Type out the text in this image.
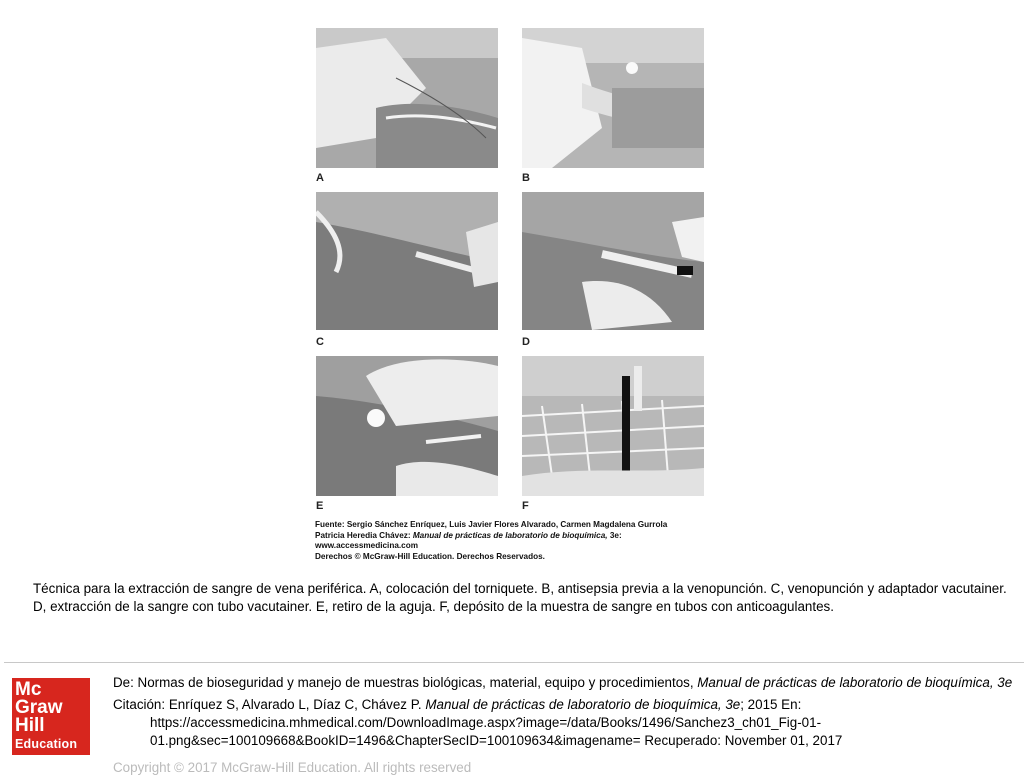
A	B
C	D
E	F
Fuente: Sergio Sánchez Enríquez, Luis Javier Flores Alvarado, Carmen Magdalena Gurrola
Patricia Heredia Chávez: Manual de prácticas de laboratorio de bioquímica, 3e:
www.accessmedicina.com
Derechos © McGraw-Hill Education. Derechos Reservados.
Técnica para la extracción de sangre de vena periférica. A, colocación del torniquete. B, antisepsia previa a la venopunción. C, venopunción y adaptador vacutainer. D, extracción de la sangre con tubo vacutainer. E, retiro de la aguja. F, depósito de la muestra de sangre en tubos con anticoagulantes.
Mc
Graw
Hill
Education

De: Normas de bioseguridad y manejo de muestras biológicas, material, equipo y procedimientos, Manual de prácticas de laboratorio de bioquímica, 3e

Citación: Enríquez S, Alvarado L, Díaz C, Chávez P. Manual de prácticas de laboratorio de bioquímica, 3e; 2015 En: https://accessmedicina.mhmedical.com/DownloadImage.aspx?image=/data/Books/1496/Sanchez3_ch01_Fig-01-01.png&sec=100109668&BookID=1496&ChapterSecID=100109634&imagename= Recuperado: November 01, 2017

Copyright © 2017 McGraw-Hill Education. All rights reserved
